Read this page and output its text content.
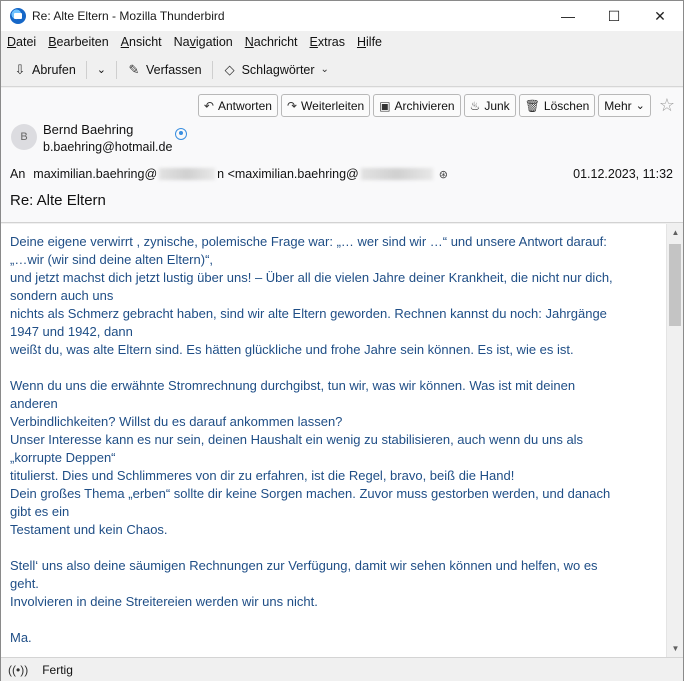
Re: Alte Eltern - Mozilla Thunderbird	—	☐	✕
Datei Bearbeiten Ansicht Navigation Nachricht Extras Hilfe
⇩ Abrufen ⌄ ✎ Verfassen ◇ Schlagwörter ⌄
↶ Antworten ↷ Weiterleiten ▣ Archivieren ♨ Junk 🗑 Löschen Mehr ⌄ ☆
B	Bernd Baehring
b.baehring@hotmail.de
An maximilian.baehring@	n <maximilian.baehring@	⊛	01.12.2023, 11:32
Re: Alte Eltern
Deine eigene verwirrt , zynische, polemische Frage war: „… wer sind wir …“ und unsere Antwort darauf:
„…wir (wir sind deine alten Eltern)“,
und jetzt machst dich jetzt lustig über uns! – Über all die vielen Jahre deiner Krankheit, die nicht nur dich,
sondern auch uns
nichts als Schmerz gebracht haben, sind wir alte Eltern geworden. Rechnen kannst du noch: Jahrgänge
1947 und 1942, dann
weißt du, was alte Eltern sind. Es hätten glückliche und frohe Jahre sein können. Es ist, wie es ist.
Wenn du uns die erwähnte Stromrechnung durchgibst, tun wir, was wir können. Was ist mit deinen
anderen
Verbindlichkeiten? Willst du es darauf ankommen lassen?
Unser Interesse kann es nur sein, deinen Haushalt ein wenig zu stabilisieren, auch wenn du uns als
„korrupte Deppen“
titulierst. Dies und Schlimmeres von dir zu erfahren, ist die Regel, bravo, beiß die Hand!
Dein großes Thema „erben“ sollte dir keine Sorgen machen. Zuvor muss gestorben werden, und danach
gibt es ein
Testament und kein Chaos.
Stell‘ uns also deine säumigen Rechnungen zur Verfügung, damit wir sehen können und helfen, wo es
geht.
Involvieren in deine Streitereien werden wir uns nicht.
Ma.
▲
▼
((•)) Fertig
